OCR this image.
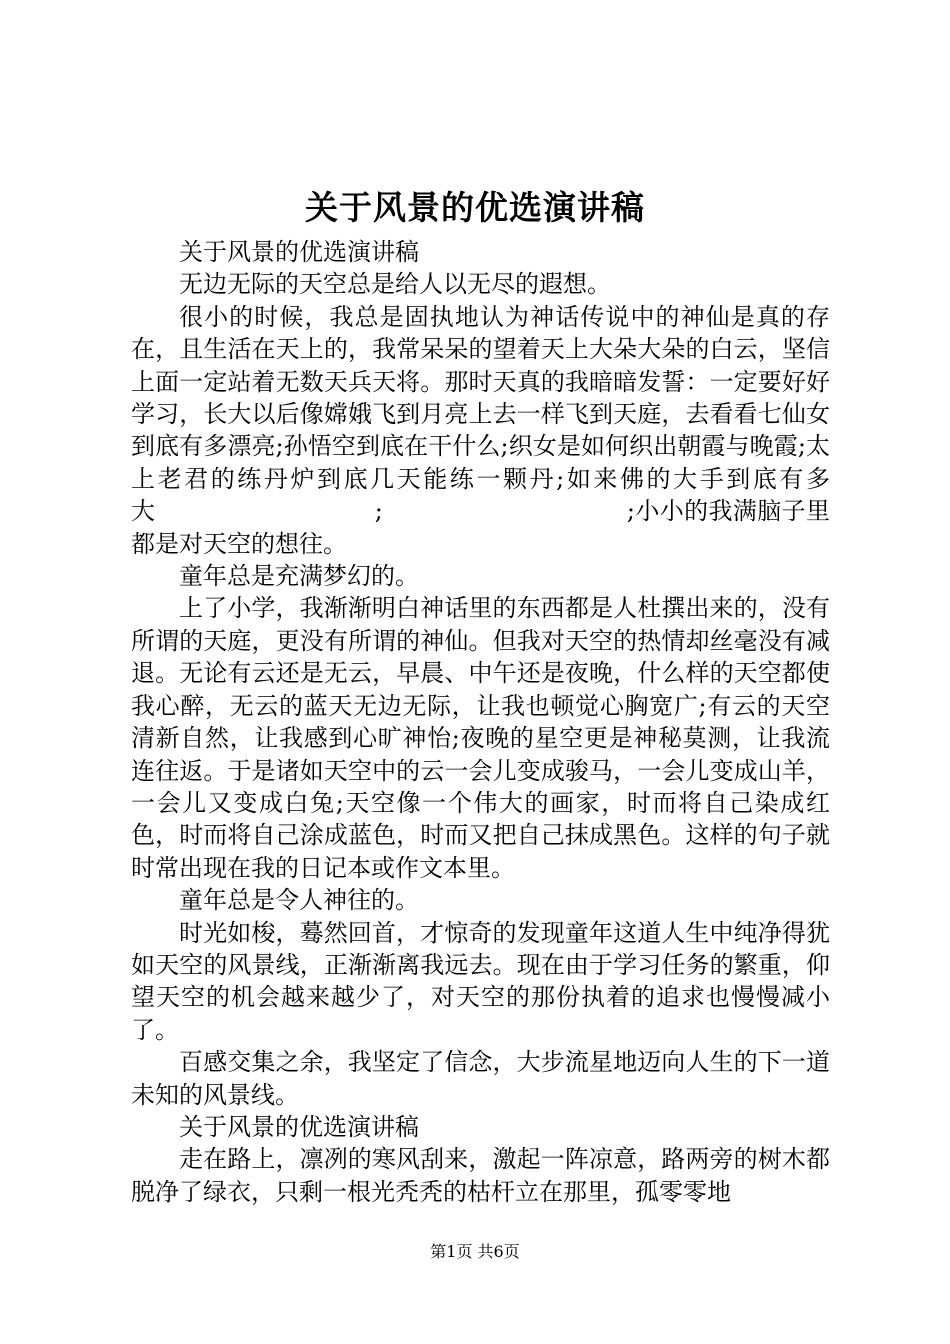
关于风景的优选演讲稿

关于风景的优选演讲稿

无边无际的天空总是给人以无尽的遐想。

很小的时候，我总是固执地认为神话传说中的神仙是真的存在，且生活在天上的，我常呆呆的望着天上大朵大朵的白云，坚信上面一定站着无数天兵天将。那时天真的我暗暗发誓：一定要好好学习，长大以后像嫦娥飞到月亮上去一样飞到天庭，去看看七仙女到底有多漂亮;孙悟空到底在干什么;织女是如何织出朝霞与晚霞;太上老君的练丹炉到底几天能练一颗丹;如来佛的大手到底有多大　　　　　　　　　;　　　　　　　　　　;小小的我满脑子里都是对天空的想往。

童年总是充满梦幻的。

上了小学，我渐渐明白神话里的东西都是人杜撰出来的，没有所谓的天庭，更没有所谓的神仙。但我对天空的热情却丝毫没有减退。无论有云还是无云，早晨、中午还是夜晚，什么样的天空都使我心醉，无云的蓝天无边无际，让我也顿觉心胸宽广;有云的天空清新自然，让我感到心旷神怡;夜晚的星空更是神秘莫测，让我流连往返。于是诸如天空中的云一会儿变成骏马，一会儿变成山羊，一会儿又变成白兔;天空像一个伟大的画家，时而将自己染成红色，时而将自己涂成蓝色，时而又把自己抹成黑色。这样的句子就时常出现在我的日记本或作文本里。

童年总是令人神往的。

时光如梭，蓦然回首，才惊奇的发现童年这道人生中纯净得犹如天空的风景线，正渐渐离我远去。现在由于学习任务的繁重，仰望天空的机会越来越少了，对天空的那份执着的追求也慢慢减小了。

百感交集之余，我坚定了信念，大步流星地迈向人生的下一道未知的风景线。

关于风景的优选演讲稿

走在路上，凛冽的寒风刮来，激起一阵凉意，路两旁的树木都脱净了绿衣，只剩一根光秃秃的枯杆立在那里，孤零零地

第1页 共6页
